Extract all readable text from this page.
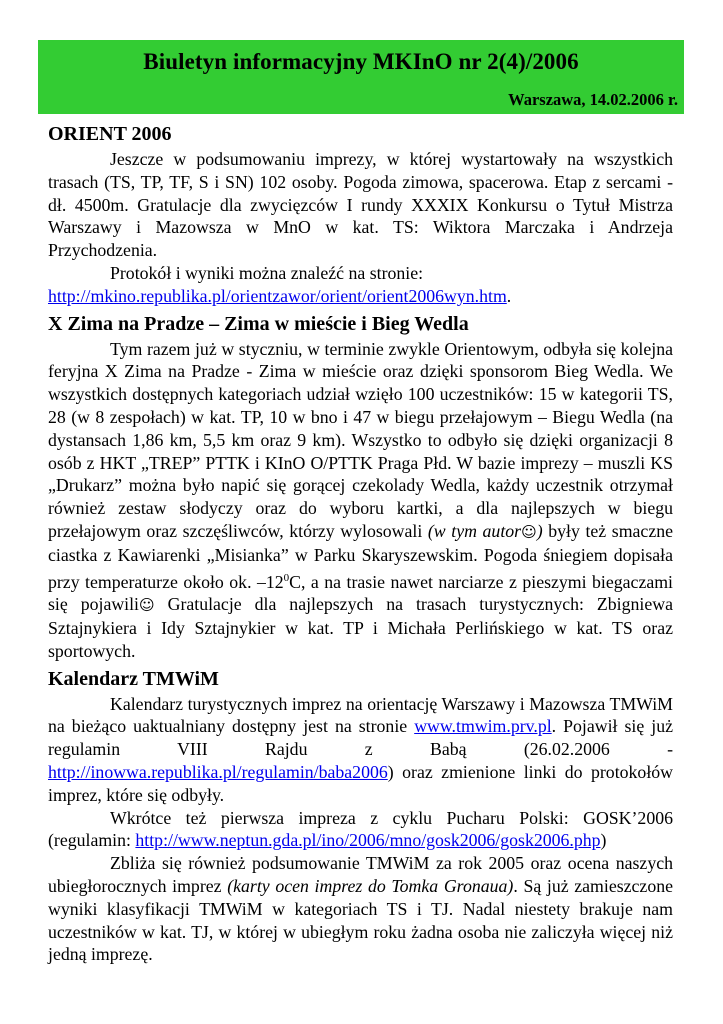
Biuletyn informacyjny MKInO nr 2(4)/2006
Warszawa, 14.02.2006 r.
ORIENT 2006

Jeszcze w podsumowaniu imprezy, w której wystartowały na wszystkich trasach (TS, TP, TF, S i SN) 102 osoby. Pogoda zimowa, spacerowa. Etap z sercami - dł. 4500m. Gratulacje dla zwycięzców I rundy XXXIX Konkursu o Tytuł Mistrza Warszawy i Mazowsza w MnO w kat. TS: Wiktora Marczaka i Andrzeja Przychodzenia.

Protokół i wyniki można znaleźć na stronie:

http://mkino.republika.pl/orientzawor/orient/orient2006wyn.htm.

X Zima na Pradze – Zima w mieście i Bieg Wedla

Tym razem już w styczniu, w terminie zwykle Orientowym, odbyła się kolejna feryjna X Zima na Pradze - Zima w mieście oraz dzięki sponsorom Bieg Wedla. We wszystkich dostępnych kategoriach udział wzięło 100 uczestników: 15 w kategorii TS, 28 (w 8 zespołach) w kat. TP, 10 w bno i 47 w biegu przełajowym – Biegu Wedla (na dystansach 1,86 km, 5,5 km oraz 9 km). Wszystko to odbyło się dzięki organizacji 8 osób z HKT „TREP” PTTK i KInO O/PTTK Praga Płd. W bazie imprezy – muszli KS „Drukarz” można było napić się gorącej czekolady Wedla, każdy uczestnik otrzymał również zestaw słodyczy oraz do wyboru kartki, a dla najlepszych w biegu przełajowym oraz szczęśliwców, którzy wylosowali (w tym autor☺) były też smaczne ciastka z Kawiarenki „Misianka” w Parku Skaryszewskim. Pogoda śniegiem dopisała przy temperaturze około ok. $-12^0C$, a na trasie nawet narciarze z pieszymi biegaczami się pojawili☺ Gratulacje dla najlepszych na trasach turystycznych: Zbigniewa Sztajnykiera i Idy Sztajnykier w kat. TP i Michała Perlińskiego w kat. TS oraz sportowych.

Kalendarz TMWiM

Kalendarz turystycznych imprez na orientację Warszawy i Mazowsza TMWiM na bieżąco uaktualniany dostępny jest na stronie www.tmwim.prv.pl. Pojawił się już regulamin VIII Rajdu z Babą (26.02.2006 - http://inowwa.republika.pl/regulamin/baba2006) oraz zmienione linki do protokołów imprez, które się odbyły.

Wkrótce też pierwsza impreza z cyklu Pucharu Polski: GOSK’2006 (regulamin: http://www.neptun.gda.pl/ino/2006/mno/gosk2006/gosk2006.php)

Zbliża się również podsumowanie TMWiM za rok 2005 oraz ocena naszych ubiegłorocznych imprez (karty ocen imprez do Tomka Gronaua). Są już zamieszczone wyniki klasyfikacji TMWiM w kategoriach TS i TJ. Nadal niestety brakuje nam uczestników w kat. TJ, w której w ubiegłym roku żadna osoba nie zaliczyła więcej niż jedną imprezę.
